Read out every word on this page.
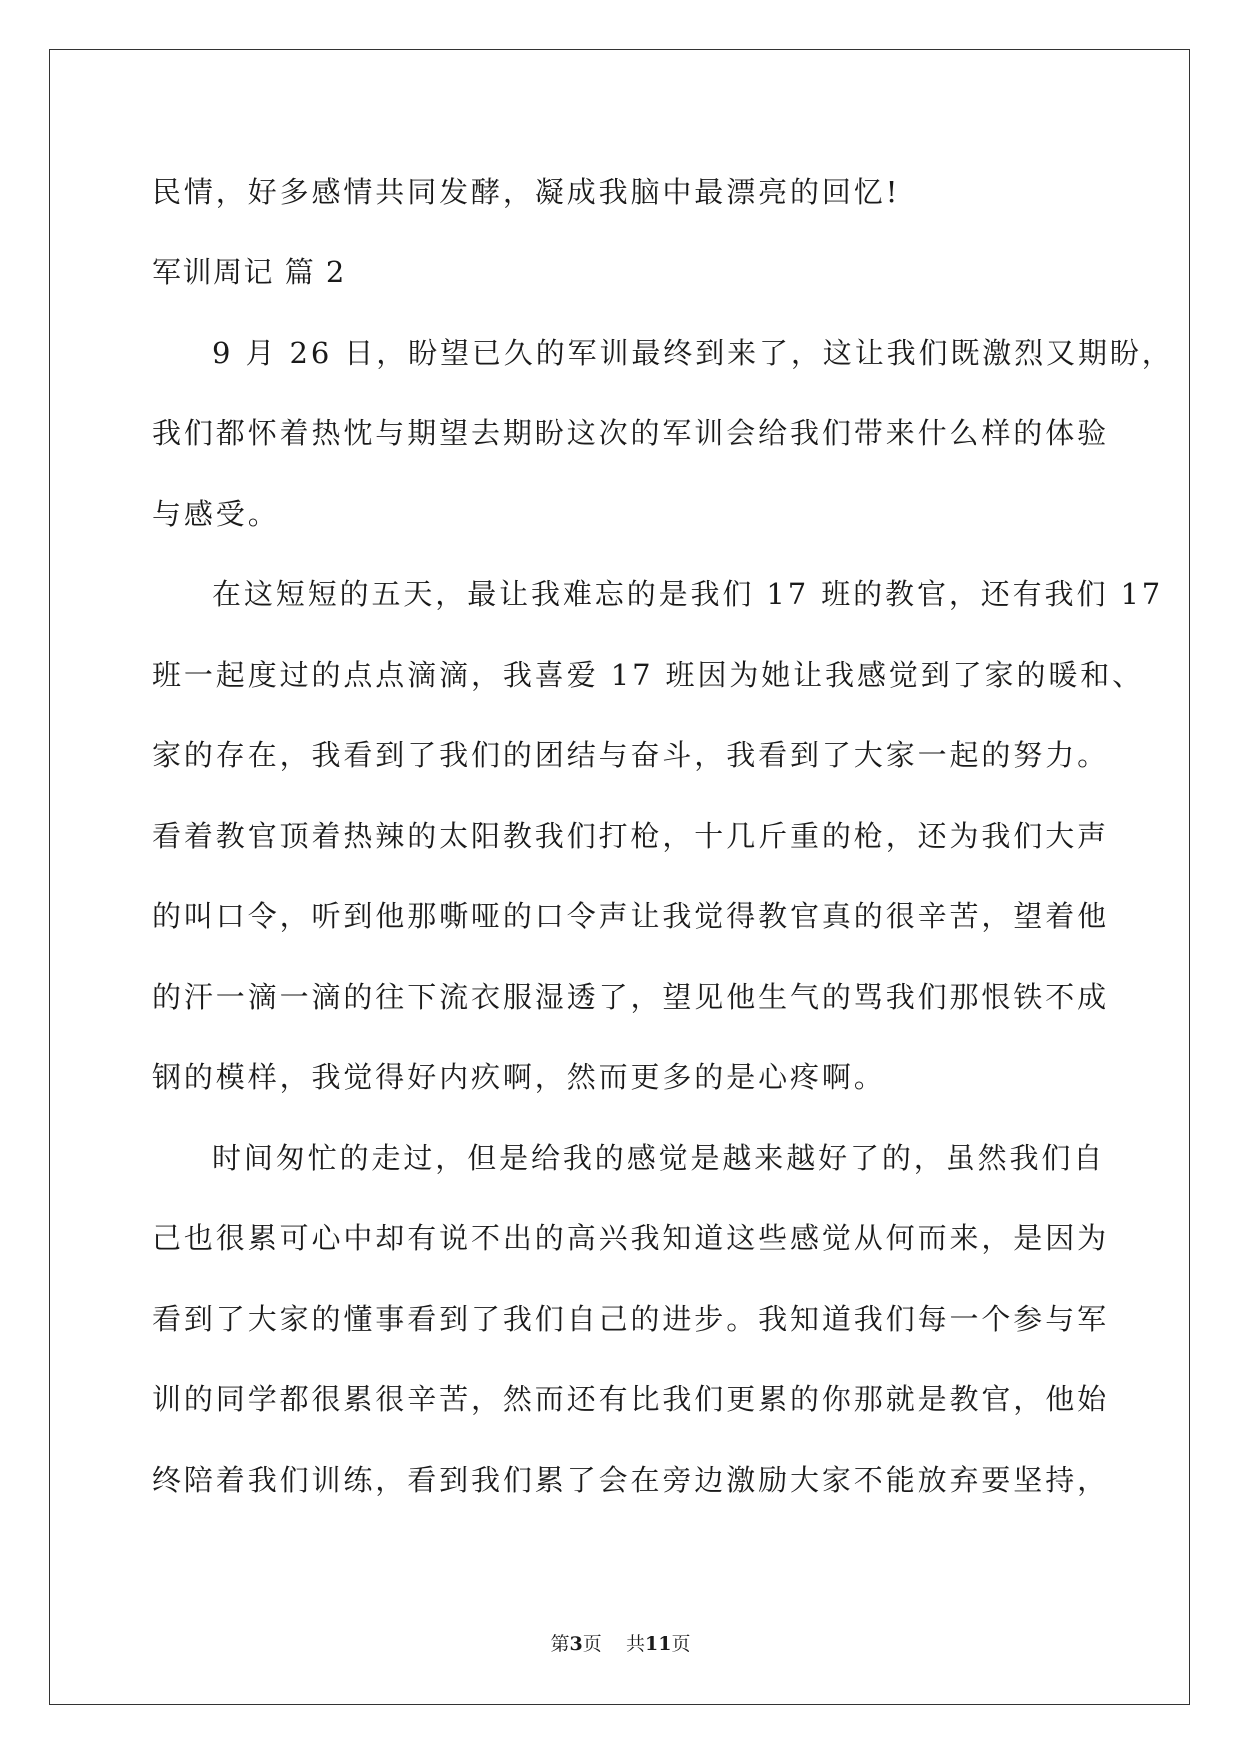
民情，好多感情共同发酵，凝成我脑中最漂亮的回忆!
军训周记 篇 2
9 月 26 日，盼望已久的军训最终到来了，这让我们既激烈又期盼，
我们都怀着热忱与期望去期盼这次的军训会给我们带来什么样的体验
与感受。
在这短短的五天，最让我难忘的是我们 17 班的教官，还有我们 17
班一起度过的点点滴滴，我喜爱 17 班因为她让我感觉到了家的暖和、
家的存在，我看到了我们的团结与奋斗，我看到了大家一起的努力。
看着教官顶着热辣的太阳教我们打枪，十几斤重的枪，还为我们大声
的叫口令，听到他那嘶哑的口令声让我觉得教官真的很辛苦，望着他
的汗一滴一滴的往下流衣服湿透了，望见他生气的骂我们那恨铁不成
钢的模样，我觉得好内疚啊，然而更多的是心疼啊。
时间匆忙的走过，但是给我的感觉是越来越好了的，虽然我们自
己也很累可心中却有说不出的高兴我知道这些感觉从何而来，是因为
看到了大家的懂事看到了我们自己的进步。我知道我们每一个参与军
训的同学都很累很辛苦，然而还有比我们更累的你那就是教官，他始
终陪着我们训练，看到我们累了会在旁边激励大家不能放弃要坚持，
第3页 共11页
